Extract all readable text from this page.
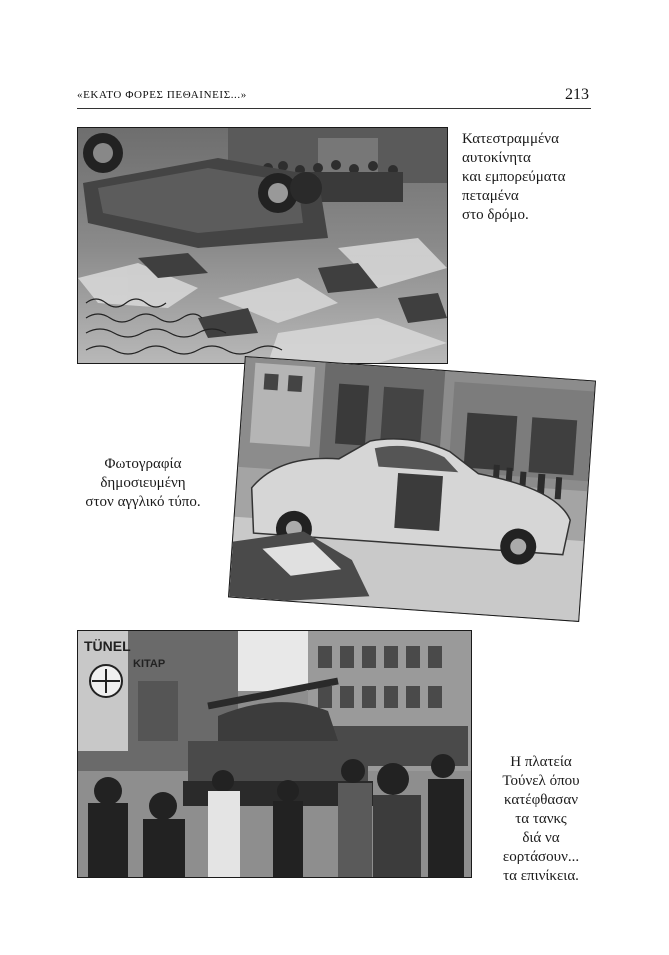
«ΕΚΑΤΟ ΦΟΡΕΣ ΠΕΘΑΙΝΕΙΣ...»	213
Κατεστραμμένα
αυτοκίνητα
και εμπορεύματα
πεταμένα
στο δρόμο.
Φωτογραφία
δημοσιευμένη
στον αγγλικό τύπο.
TÜNEL
KITAP
Η πλατεία
Τούνελ όπου
κατέφθασαν
τα τανκς
διά να
εορτάσουν...
τα επινίκεια.
